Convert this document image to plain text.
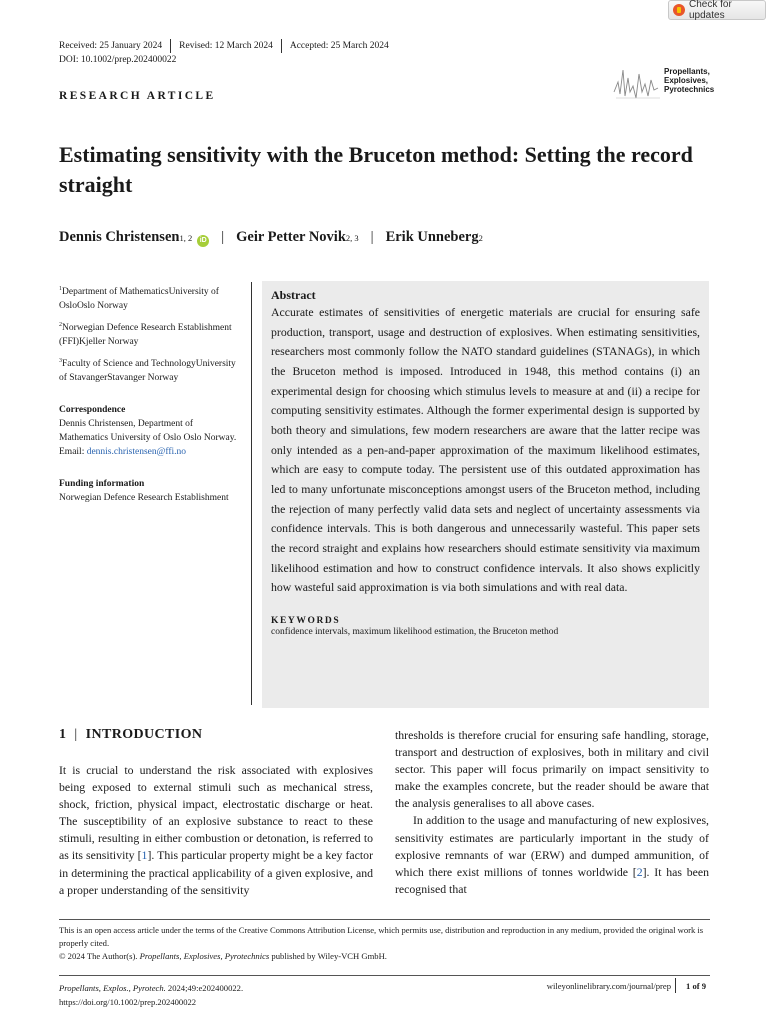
Check for updates
Received: 25 January 2024 Revised: 12 March 2024 Accepted: 25 March 2024
DOI: 10.1002/prep.202400022
Propellants,
Explosives,
Pyrotechnics
RESEARCH ARTICLE
Estimating sensitivity with the Bruceton method: Setting the record straight
Dennis Christensen 1, 2	iD | Geir Petter Novik 2, 3 | Erik Unneberg 2

$^1$Department of MathematicsUniversity of OsloOslo Norway

$^2$Norwegian Defence Research Establishment (FFI)Kjeller Norway

$^3$Faculty of Science and TechnologyUniversity of StavangerStavanger Norway

Correspondence
Dennis Christensen, Department of Mathematics University of Oslo Oslo Norway.
Email: dennis.christensen@ffi.no
Funding information
Norwegian Defence Research Establishment
Abstract

Accurate estimates of sensitivities of energetic materials are crucial for ensuring safe production, transport, usage and destruction of explosives. When estimating sensitivities, researchers most commonly follow the NATO standard guidelines (STANAGs), in which the Bruceton method is imposed. Introduced in 1948, this method contains (i) an experimental design for choosing which stimulus levels to measure at and (ii) a recipe for computing sensitivity estimates. Although the former experimental design is supported by both theory and simulations, few modern researchers are aware that the latter recipe was only intended as a pen-and-paper approximation of the maximum likelihood estimates, which are easy to compute today. The persistent use of this outdated approximation has led to many unfortunate misconceptions amongst users of the Bruceton method, including the rejection of many perfectly valid data sets and neglect of uncertainty assessments via confidence intervals. This is both dangerous and unnecessarily wasteful. This paper sets the record straight and explains how researchers should estimate sensitivity via maximum likelihood estimation and how to construct confidence intervals. It also shows explicitly how wasteful said approximation is via both simulations and with real data.

KEYWORDS
confidence intervals, maximum likelihood estimation, the Bruceton method
1 | INTRODUCTION

It is crucial to understand the risk associated with explosives being exposed to external stimuli such as mechanical stress, shock, friction, physical impact, electrostatic discharge or heat. The susceptibility of an explosive substance to react to these stimuli, resulting in either combustion or detonation, is referred to as its sensitivity [1]. This particular property might be a key factor in determining the practical applicability of a given explosive, and a proper understanding of the sensitivity

thresholds is therefore crucial for ensuring safe handling, storage, transport and destruction of explosives, both in military and civil sector. This paper will focus primarily on impact sensitivity to make the examples concrete, but the reader should be aware that the analysis generalises to all above cases.

In addition to the usage and manufacturing of new explosives, sensitivity estimates are particularly important in the study of explosive remnants of war (ERW) and dumped ammunition, of which there exist millions of tonnes worldwide [2]. It has been recognised that

This is an open access article under the terms of the Creative Commons Attribution License, which permits use, distribution and reproduction in any medium, provided the original work is properly cited.
© 2024 The Author(s). Propellants, Explosives, Pyrotechnics published by Wiley-VCH GmbH.
Propellants, Explos., Pyrotech. 2024;49:e202400022.
https://doi.org/10.1002/prep.202400022
wileyonlinelibrary.com/journal/prep 1 of 9
